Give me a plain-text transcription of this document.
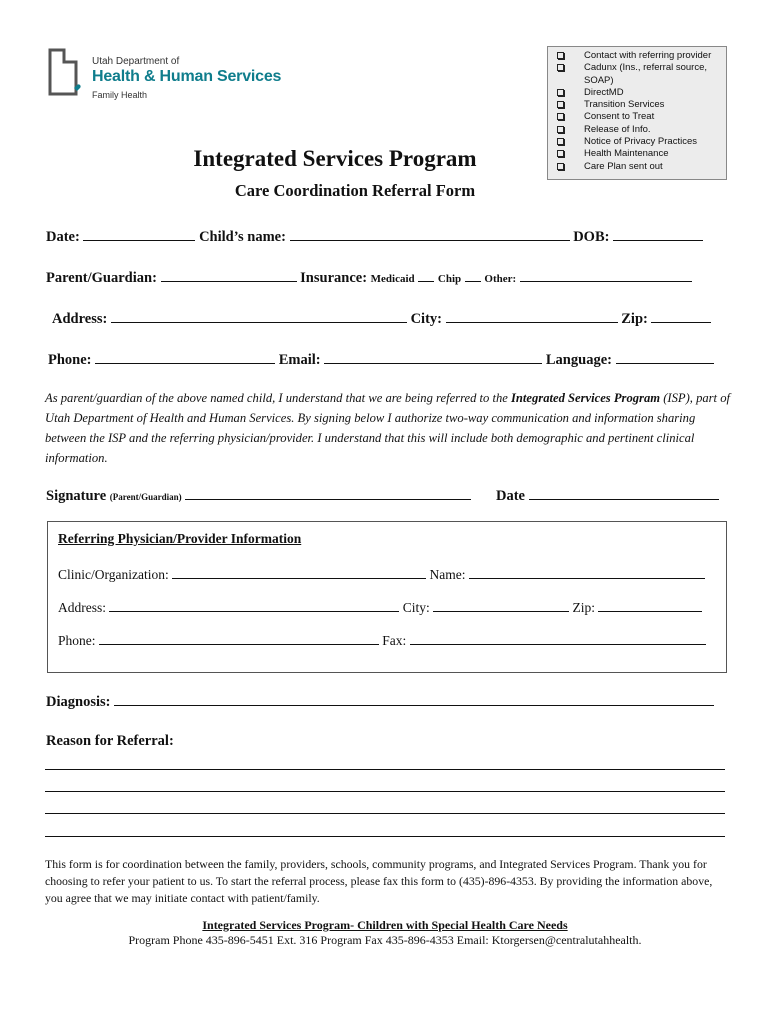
Utah Department of
Health & Human Services
Family Health
Contact with referring provider
Cadunx (Ins., referral source,
SOAP)
DirectMD
Transition Services
Consent to Treat
Release of Info.
Notice of Privacy Practices
Health Maintenance
Care Plan sent out
Integrated Services Program
Care Coordination Referral Form
Date:	Child’s name:	DOB:
Parent/Guardian:	Insurance: Medicaid Chip Other:
Address:	City:	Zip:
Phone:	Email:	Language:
As parent/guardian of the above named child, I understand that we are being referred to the Integrated Services Program (ISP), part of Utah Department of Health and Human Services. By signing below I authorize two-way communication and information sharing between the ISP and the referring physician/provider. I understand that this will include both demographic and pertinent clinical information.
Signature (Parent/Guardian)	Date
Referring Physician/Provider Information
Clinic/Organization:	Name:
Address:	City:	Zip:
Phone:	Fax:
Diagnosis:
Reason for Referral:
This form is for coordination between the family, providers, schools, community programs, and Integrated Services Program. Thank you for choosing to refer your patient to us. To start the referral process, please fax this form to (435)-896-4353. By providing the information above, you agree that we may initiate contact with patient/family.
Integrated Services Program- Children with Special Health Care Needs
Program Phone 435-896-5451 Ext. 316 Program Fax 435-896-4353 Email: Ktorgersen@centralutahhealth.
